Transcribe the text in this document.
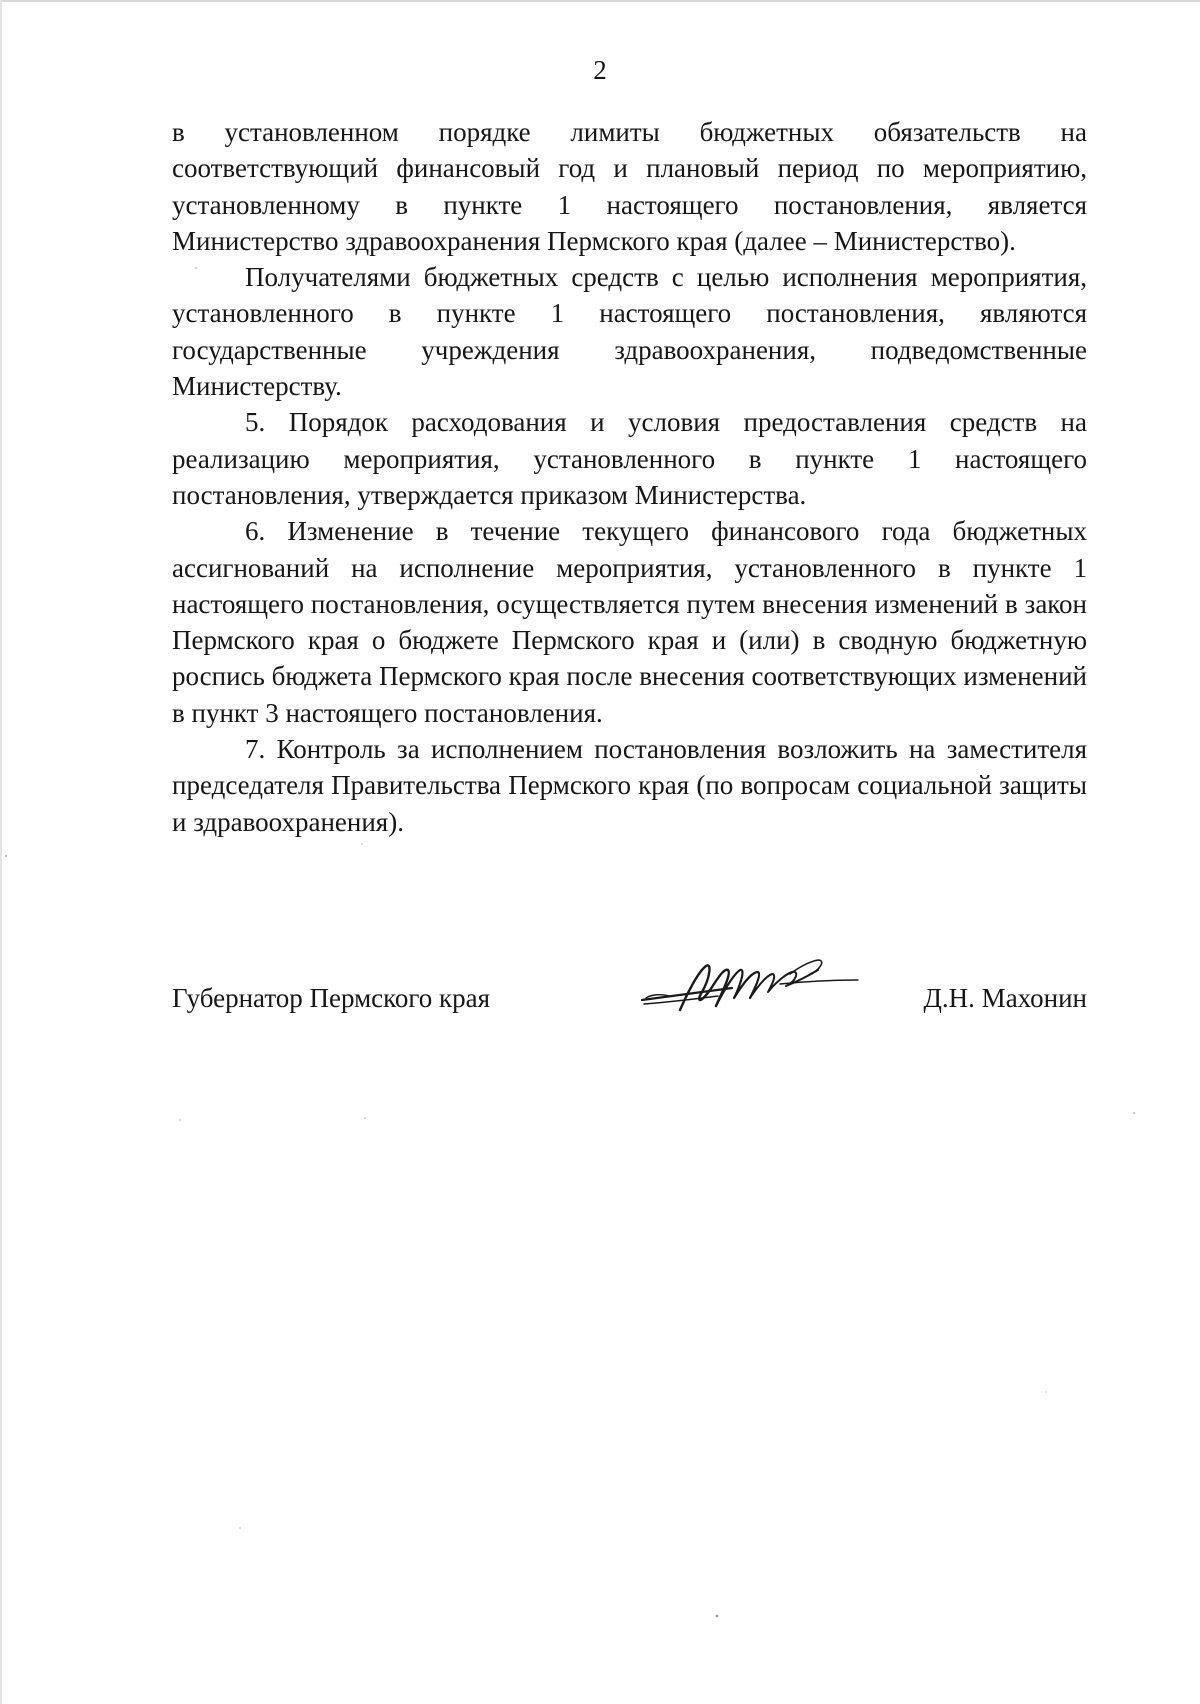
2

в установленном порядке лимиты бюджетных обязательств на соответствующий финансовый год и плановый период по мероприятию, установленному в пункте 1 настоящего постановления, является Министерство здравоохранения Пермского края (далее – Министерство).

Получателями бюджетных средств с целью исполнения мероприятия, установленного в пункте 1 настоящего постановления, являются государственные учреждения здравоохранения, подведомственные Министерству.

5. Порядок расходования и условия предоставления средств на реализацию мероприятия, установленного в пункте 1 настоящего постановления, утверждается приказом Министерства.

6. Изменение в течение текущего финансового года бюджетных ассигнований на исполнение мероприятия, установленного в пункте 1 настоящего постановления, осуществляется путем внесения изменений в закон Пермского края о бюджете Пермского края и (или) в сводную бюджетную роспись бюджета Пермского края после внесения соответствующих изменений в пункт 3 настоящего постановления.

7. Контроль за исполнением постановления возложить на заместителя председателя Правительства Пермского края (по вопросам социальной защиты и здравоохранения).

Губернатор Пермского края	Д.Н. Махонин
